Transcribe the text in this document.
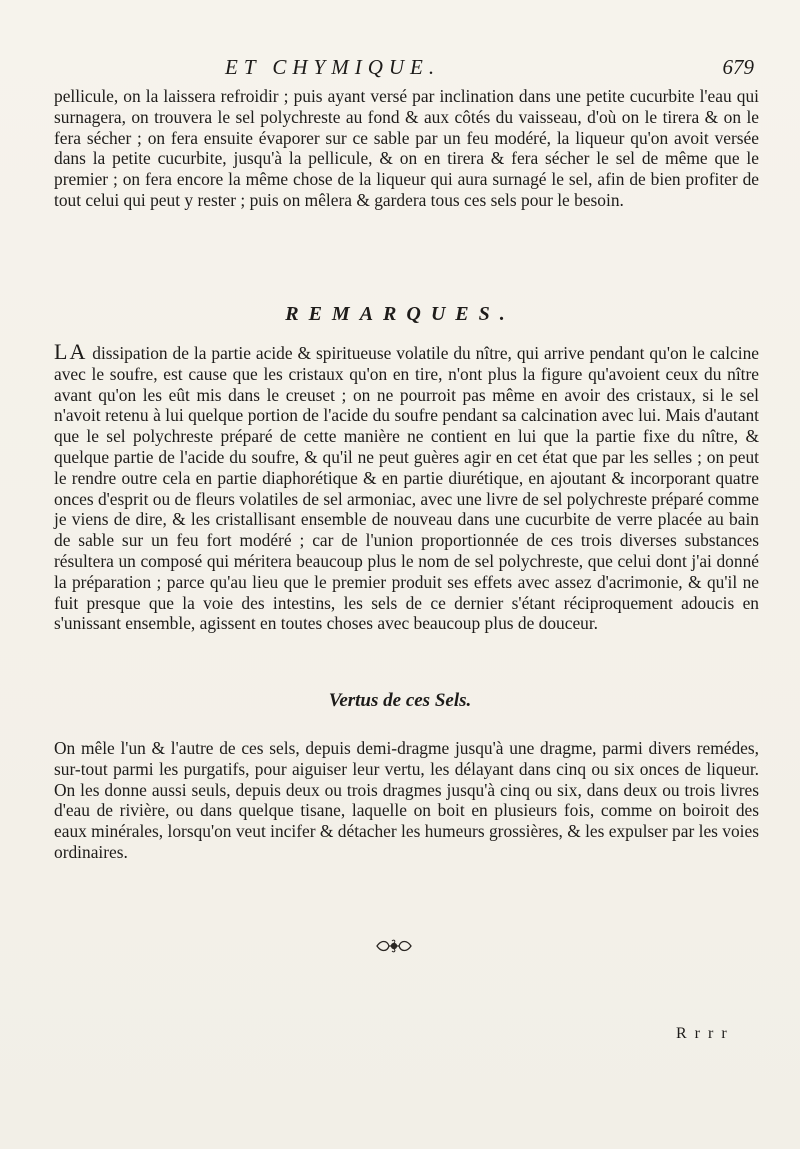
ET CHYMIQUE.	679

pellicule, on la laissera refroidir ; puis ayant versé par inclination dans une petite cucurbite l'eau qui surnagera, on trouvera le sel polychreste au fond & aux côtés du vaisseau, d'où on le tirera & on le fera sécher ; on fera ensuite évaporer sur ce sable par un feu modéré, la liqueur qu'on avoit versée dans la petite cucurbite, jusqu'à la pellicule, & on en tirera & fera sécher le sel de même que le premier ; on fera encore la même chose de la liqueur qui aura surnagé le sel, afin de bien profiter de tout celui qui peut y rester ; puis on mêlera & gardera tous ces sels pour le besoin.

REMARQUES.

LA dissipation de la partie acide & spiritueuse volatile du nître, qui arrive pendant qu'on le calcine avec le soufre, est cause que les cristaux qu'on en tire, n'ont plus la figure qu'avoient ceux du nître avant qu'on les eût mis dans le creuset ; on ne pourroit pas même en avoir des cristaux, si le sel n'avoit retenu à lui quelque portion de l'acide du soufre pendant sa calcination avec lui. Mais d'autant que le sel polychreste préparé de cette manière ne contient en lui que la partie fixe du nître, & quelque partie de l'acide du soufre, & qu'il ne peut guères agir en cet état que par les selles ; on peut le rendre outre cela en partie diaphorétique & en partie diurétique, en ajoutant & incorporant quatre onces d'esprit ou de fleurs volatiles de sel armoniac, avec une livre de sel polychreste préparé comme je viens de dire, & les cristallisant ensemble de nouveau dans une cucurbite de verre placée au bain de sable sur un feu fort modéré ; car de l'union proportionnée de ces trois diverses substances résultera un composé qui méritera beaucoup plus le nom de sel polychreste, que celui dont j'ai donné la préparation ; parce qu'au lieu que le premier produit ses effets avec assez d'acrimonie, & qu'il ne fuit presque que la voie des intestins, les sels de ce dernier s'étant réciproquement adoucis en s'unissant ensemble, agissent en toutes choses avec beaucoup plus de douceur.

Vertus de ces Sels.

On mêle l'un & l'autre de ces sels, depuis demi-dragme jusqu'à une dragme, parmi divers remédes, sur-tout parmi les purgatifs, pour aiguiser leur vertu, les délayant dans cinq ou six onces de liqueur. On les donne aussi seuls, depuis deux ou trois dragmes jusqu'à cinq ou six, dans deux ou trois livres d'eau de rivière, ou dans quelque tisane, laquelle on boit en plusieurs fois, comme on boiroit des eaux minérales, lorsqu'on veut incifer & détacher les humeurs grossières, & les expulser par les voies ordinaires.

R r r r
